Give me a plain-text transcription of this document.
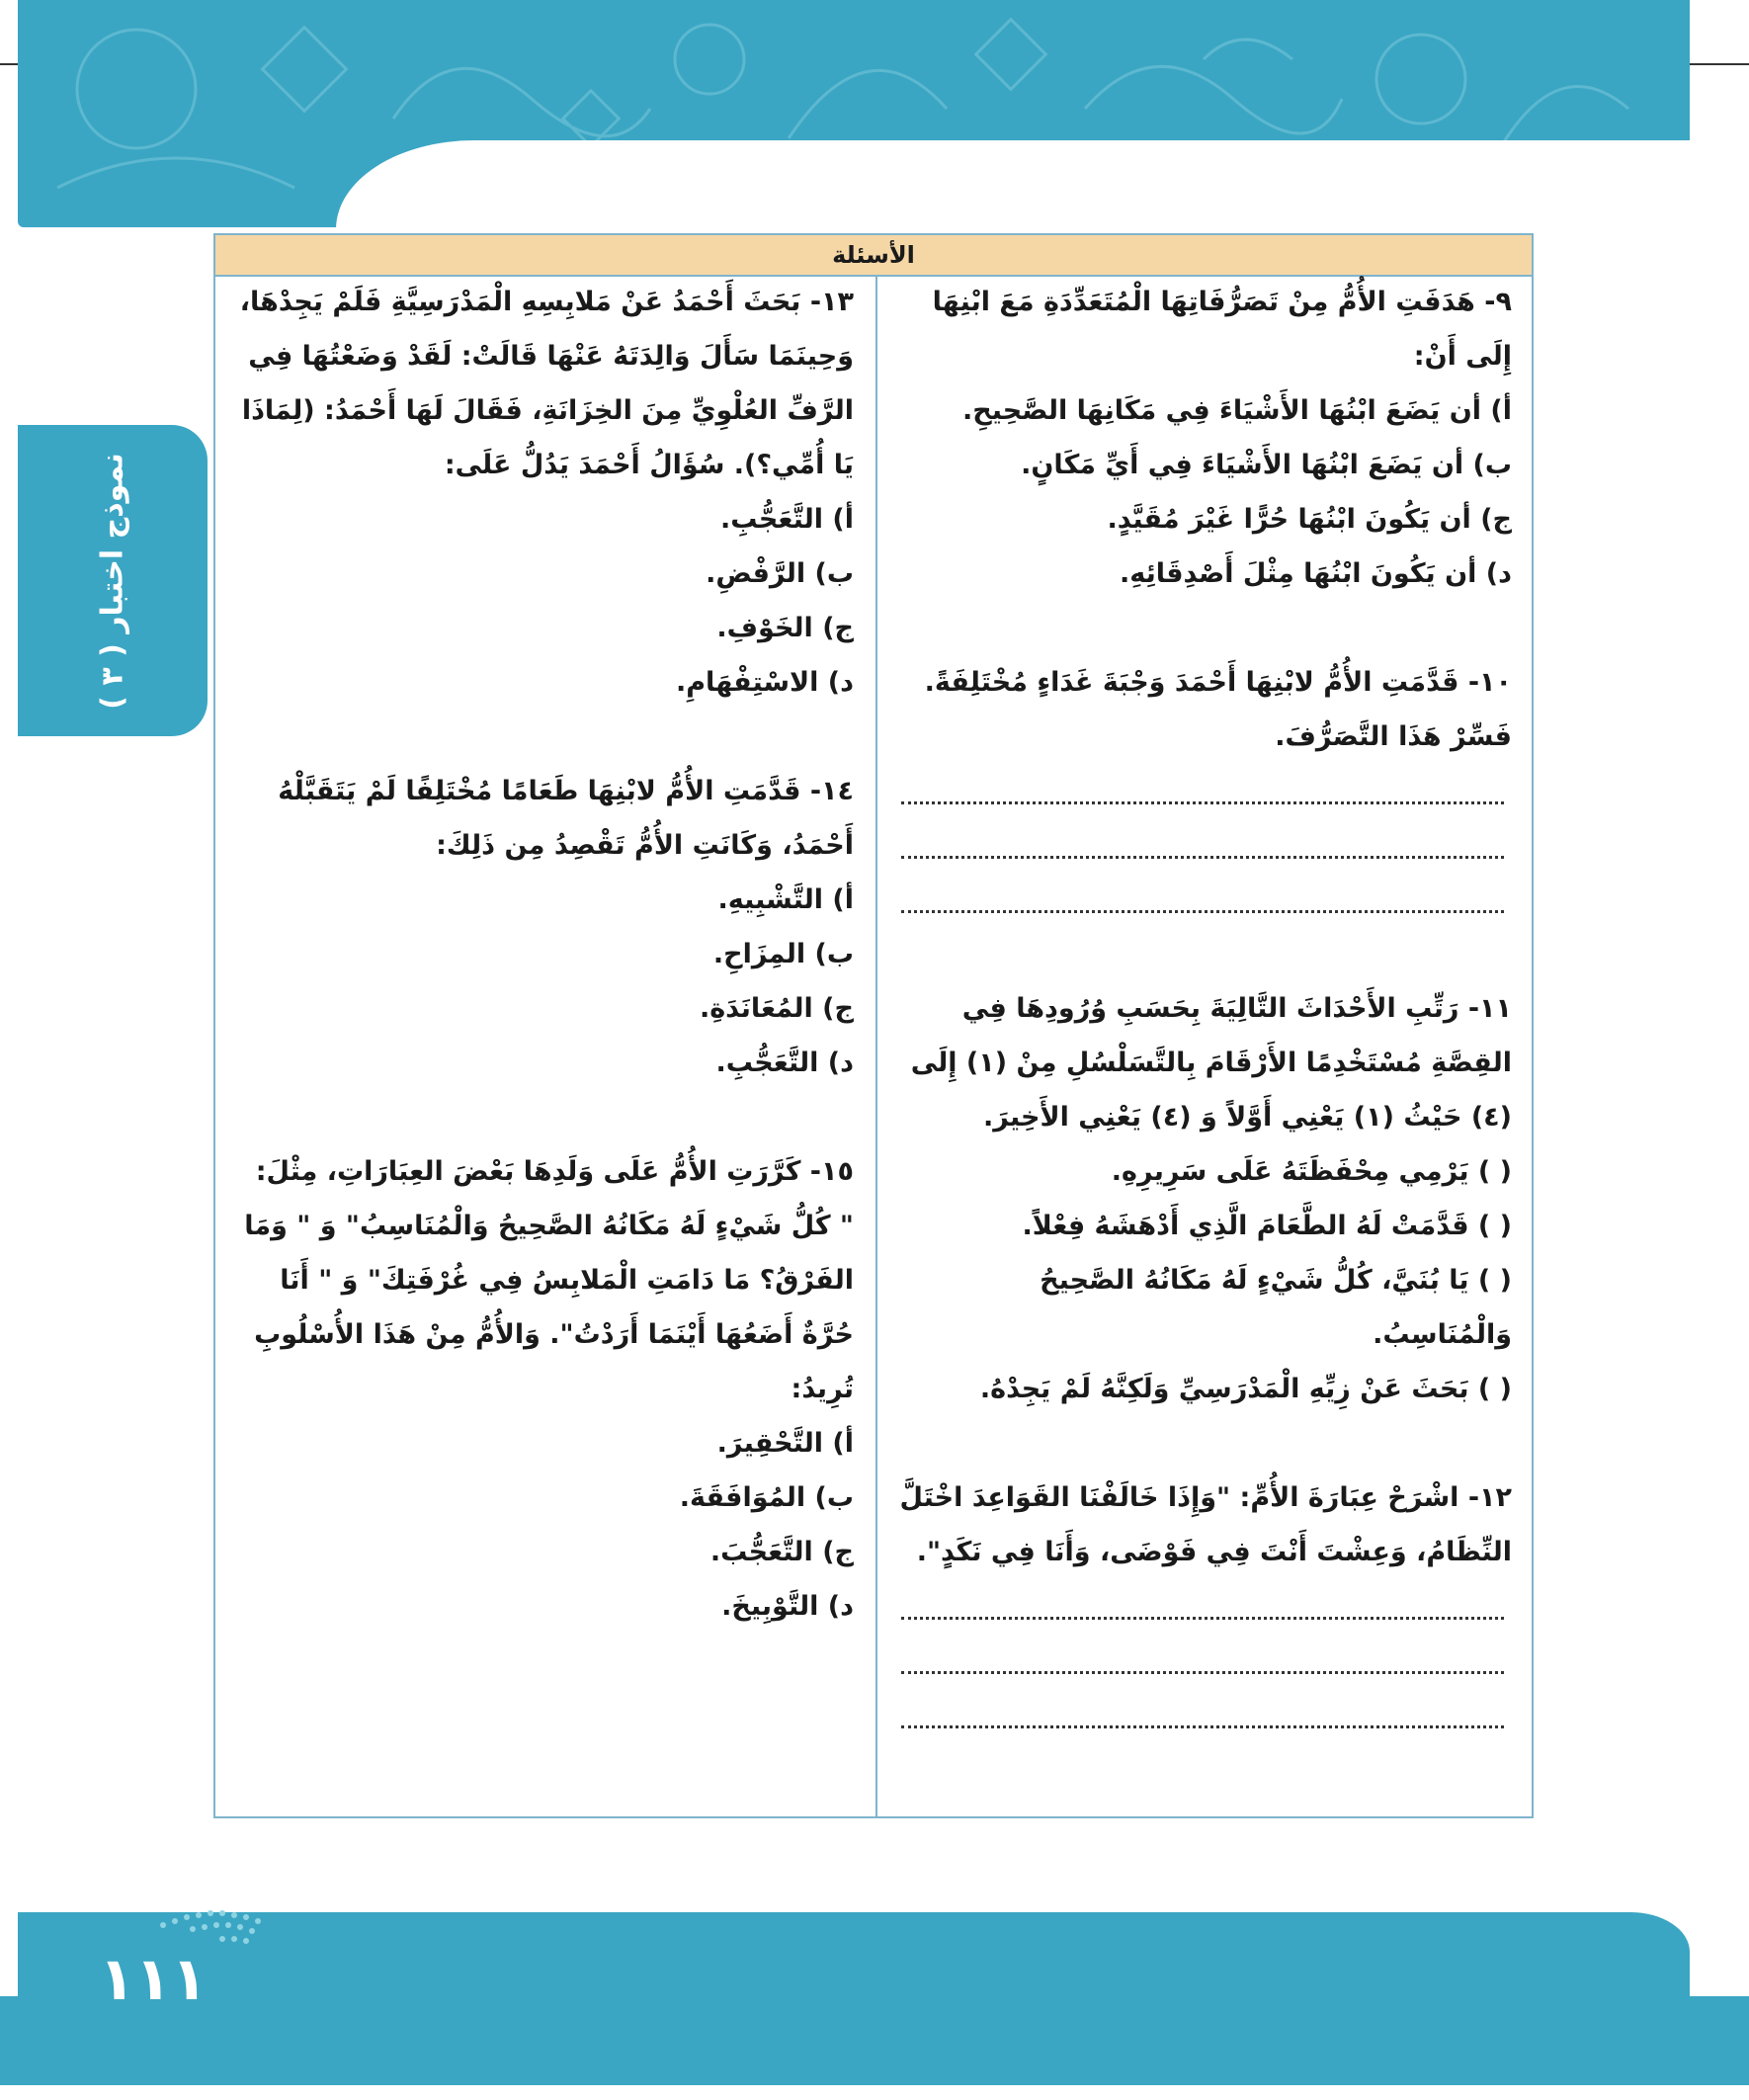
نموذج اختبار ( ٣ )
الأسئلة

٩- هَدَفَتِ الأُمُّ مِنْ تَصَرُّفَاتِهَا الْمُتَعَدِّدَةِ مَعَ ابْنِهَا إِلَى أَنْ:

أ) أن يَضَعَ ابْنُهَا الأَشْيَاءَ فِي مَكَانِهَا الصَّحِيحِ.

ب) أن يَضَعَ ابْنُهَا الأَشْيَاءَ فِي أَيِّ مَكَانٍ.

ج) أن يَكُونَ ابْنُهَا حُرًّا غَيْرَ مُقَيَّدٍ.

د) أن يَكُونَ ابْنُهَا مِثْلَ أَصْدِقَائِهِ.

١٠- قَدَّمَتِ الأُمُّ لابْنِهَا أَحْمَدَ وَجْبَةَ غَدَاءٍ مُخْتَلِفَةً. فَسِّرْ هَذَا التَّصَرُّفَ.

١١- رَتِّبِ الأَحْدَاثَ التَّالِيَةَ بِحَسَبِ وُرُودِهَا فِي القِصَّةِ مُسْتَخْدِمًا الأَرْقَامَ بِالتَّسَلْسُلِ مِنْ (١) إِلَى (٤) حَيْثُ (١) يَعْنِي أَوَّلاً وَ (٤) يَعْنِي الأَخِيرَ.

( ) يَرْمِي مِحْفَظَتَهُ عَلَى سَرِيرِهِ.

( ) قَدَّمَتْ لَهُ الطَّعَامَ الَّذِي أَدْهَشَهُ فِعْلاً.

( ) يَا بُنَيَّ، كُلُّ شَيْءٍ لَهُ مَكَانُهُ الصَّحِيحُ وَالْمُنَاسِبُ.

( ) بَحَثَ عَنْ زِيِّهِ الْمَدْرَسِيِّ وَلَكِنَّهُ لَمْ يَجِدْهُ.

١٢- اشْرَحْ عِبَارَةَ الأُمِّ: "وَإِذَا خَالَفْنَا القَوَاعِدَ اخْتَلَّ النِّظَامُ، وَعِشْتَ أَنْتَ فِي فَوْضَى، وَأَنَا فِي نَكَدٍ".

١٣- بَحَثَ أَحْمَدُ عَنْ مَلابِسِهِ الْمَدْرَسِيَّةِ فَلَمْ يَجِدْهَا، وَحِينَمَا سَأَلَ وَالِدَتَهُ عَنْهَا قَالَتْ: لَقَدْ وَضَعْتُهَا فِي الرَّفِّ العُلْوِيِّ مِنَ الخِزَانَةِ، فَقَالَ لَهَا أَحْمَدُ: (لِمَاذَا يَا أُمِّي؟). سُؤَالُ أَحْمَدَ يَدُلُّ عَلَى:

أ) التَّعَجُّبِ.

ب) الرَّفْضِ.

ج) الخَوْفِ.

د) الاسْتِفْهَامِ.

١٤- قَدَّمَتِ الأُمُّ لابْنِهَا طَعَامًا مُخْتَلِفًا لَمْ يَتَقَبَّلْهُ أَحْمَدُ، وَكَانَتِ الأُمُّ تَقْصِدُ مِن ذَلِكَ:

أ) التَّشْبِيهِ.

ب) المِزَاحِ.

ج) المُعَانَدَةِ.

د) التَّعَجُّبِ.

١٥- كَرَّرَتِ الأُمُّ عَلَى وَلَدِهَا بَعْضَ العِبَارَاتِ، مِثْلَ: " كُلُّ شَيْءٍ لَهُ مَكَانُهُ الصَّحِيحُ وَالْمُنَاسِبُ" وَ " وَمَا الفَرْقُ؟ مَا دَامَتِ الْمَلابِسُ فِي غُرْفَتِكَ" وَ " أَنَا حُرَّةٌ أَضَعُهَا أَيْنَمَا أَرَدْتُ". وَالأُمُّ مِنْ هَذَا الأُسْلُوبِ تُرِيدُ:

أ) التَّحْقِيرَ.

ب) المُوَافَقَةَ.

ج) التَّعَجُّبَ.

د) التَّوْبِيخَ.

١١١
